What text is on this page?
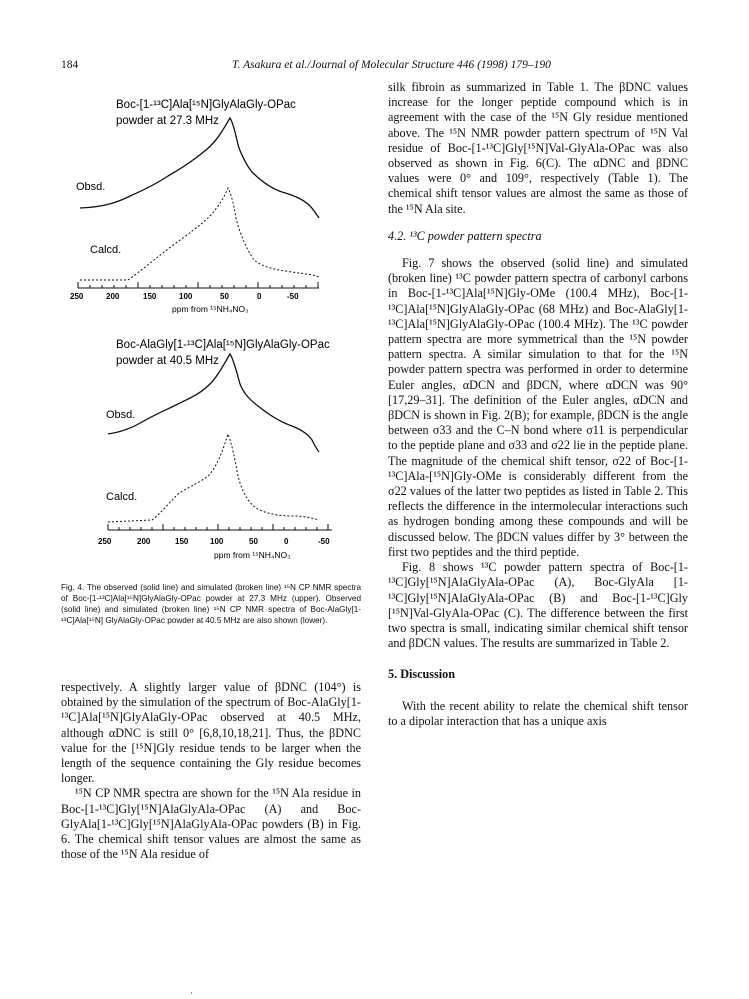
184	T. Asakura et al./Journal of Molecular Structure 446 (1998) 179–190
Boc-[1-¹³C]Ala[¹⁵N]GlyAlaGly-OPac
powder at 27.3 MHz
Obsd.
Calcd.
250	200	150	100	50	0	-50
ppm from ¹⁵NH₄NO₃
Boc-AlaGly[1-¹³C]Ala[¹⁵N]GlyAlaGly-OPac
powder at 40.5 MHz
Obsd.
Calcd.
250	200	150	100	50	0	-50
ppm from ¹⁵NH₄NO₃
Fig. 4. The observed (solid line) and simulated (broken line) ¹⁵N CP NMR spectra of Boc-[1-¹³C]Ala[¹⁵N]GlyAlaGly-OPac powder at 27.3 MHz (upper). Observed (solid line) and simulated (broken line) ¹⁵N CP NMR spectra of Boc-AlaGly[1-¹³C]Ala[¹⁵N] GlyAlaGly-OPac powder at 40.5 MHz are also shown (lower).

respectively. A slightly larger value of βDNC (104°) is obtained by the simulation of the spectrum of Boc-AlaGly[1-¹³C]Ala[¹⁵N]GlyAlaGly-OPac observed at 40.5 MHz, although αDNC is still 0° [6,8,10,18,21]. Thus, the βDNC value for the [¹⁵N]Gly residue tends to be larger when the length of the sequence containing the Gly residue becomes longer.

¹⁵N CP NMR spectra are shown for the ¹⁵N Ala residue in Boc-[1-¹³C]Gly[¹⁵N]AlaGlyAla-OPac (A) and Boc-GlyAla[1-¹³C]Gly[¹⁵N]AlaGlyAla-OPac powders (B) in Fig. 6. The chemical shift tensor values are almost the same as those of the ¹⁵N Ala residue of

silk fibroin as summarized in Table 1. The βDNC values increase for the longer peptide compound which is in agreement with the case of the ¹⁵N Gly residue mentioned above. The ¹⁵N NMR powder pattern spectrum of ¹⁵N Val residue of Boc-[1-¹³C]Gly[¹⁵N]Val-GlyAla-OPac was also observed as shown in Fig. 6(C). The αDNC and βDNC values were 0° and 109°, respectively (Table 1). The chemical shift tensor values are almost the same as those of the ¹⁵N Ala site.

4.2. ¹³C powder pattern spectra

Fig. 7 shows the observed (solid line) and simulated (broken line) ¹³C powder pattern spectra of carbonyl carbons in Boc-[1-¹³C]Ala[¹⁵N]Gly-OMe (100.4 MHz), Boc-[1-¹³C]Ala[¹⁵N]GlyAlaGly-OPac (68 MHz) and Boc-AlaGly[1-¹³C]Ala[¹⁵N]GlyAlaGly-OPac (100.4 MHz). The ¹³C powder pattern spectra are more symmetrical than the ¹⁵N powder pattern spectra. A similar simulation to that for the ¹⁵N powder pattern spectra was performed in order to determine Euler angles, αDCN and βDCN, where αDCN was 90°[17,29–31]. The definition of the Euler angles, αDCN and βDCN is shown in Fig. 2(B); for example, βDCN is the angle between σ33 and the C–N bond where σ11 is perpendicular to the peptide plane and σ33 and σ22 lie in the peptide plane. The magnitude of the chemical shift tensor, σ22 of Boc-[1-¹³C]Ala-[¹⁵N]Gly-OMe is considerably different from the σ22 values of the latter two peptides as listed in Table 2. This reflects the difference in the intermolecular interactions such as hydrogen bonding among these compounds and will be discussed below. The βDCN values differ by 3° between the first two peptides and the third peptide.

Fig. 8 shows ¹³C powder pattern spectra of Boc-[1-¹³C]Gly[¹⁵N]AlaGlyAla-OPac (A), Boc-GlyAla [1-¹³C]Gly[¹⁵N]AlaGlyAla-OPac (B) and Boc-[1-¹³C]Gly [¹⁵N]Val-GlyAla-OPac (C). The difference between the first two spectra is small, indicating similar chemical shift tensor and βDCN values. The results are summarized in Table 2.

5. Discussion

With the recent ability to relate the chemical shift tensor to a dipolar interaction that has a unique axis

·
